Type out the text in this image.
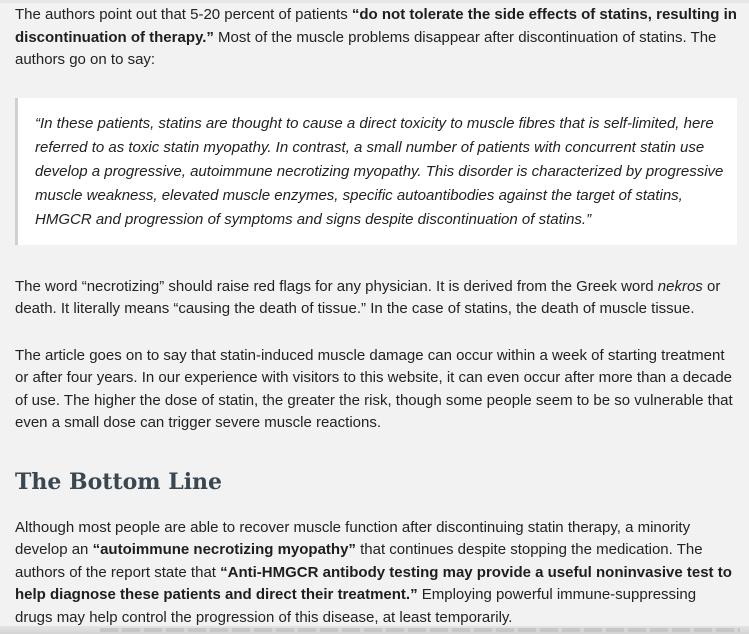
The authors point out that 5-20 percent of patients “do not tolerate the side effects of statins, resulting in discontinuation of therapy.” Most of the muscle problems disappear after discontinuation of statins. The authors go on to say:

“In these patients, statins are thought to cause a direct toxicity to muscle fibres that is self-limited, here referred to as toxic statin myopathy. In contrast, a small number of patients with concurrent statin use develop a progressive, autoimmune necrotizing myopathy. This disorder is characterized by progressive muscle weakness, elevated muscle enzymes, specific autoantibodies against the target of statins, HMGCR and progression of symptoms and signs despite discontinuation of statins.”

The word “necrotizing” should raise red flags for any physician. It is derived from the Greek word nekros or death. It literally means “causing the death of tissue.” In the case of statins, the death of muscle tissue.

The article goes on to say that statin-induced muscle damage can occur within a week of starting treatment or after four years. In our experience with visitors to this website, it can even occur after more than a decade of use. The higher the dose of statin, the greater the risk, though some people seem to be so vulnerable that even a small dose can trigger severe muscle reactions.

The Bottom Line

Although most people are able to recover muscle function after discontinuing statin therapy, a minority develop an “autoimmune necrotizing myopathy” that continues despite stopping the medication. The authors of the report state that “Anti-HMGCR antibody testing may provide a useful noninvasive test to help diagnose these patients and direct their treatment.” Employing powerful immune-suppressing drugs may help control the progression of this disease, at least temporarily.
